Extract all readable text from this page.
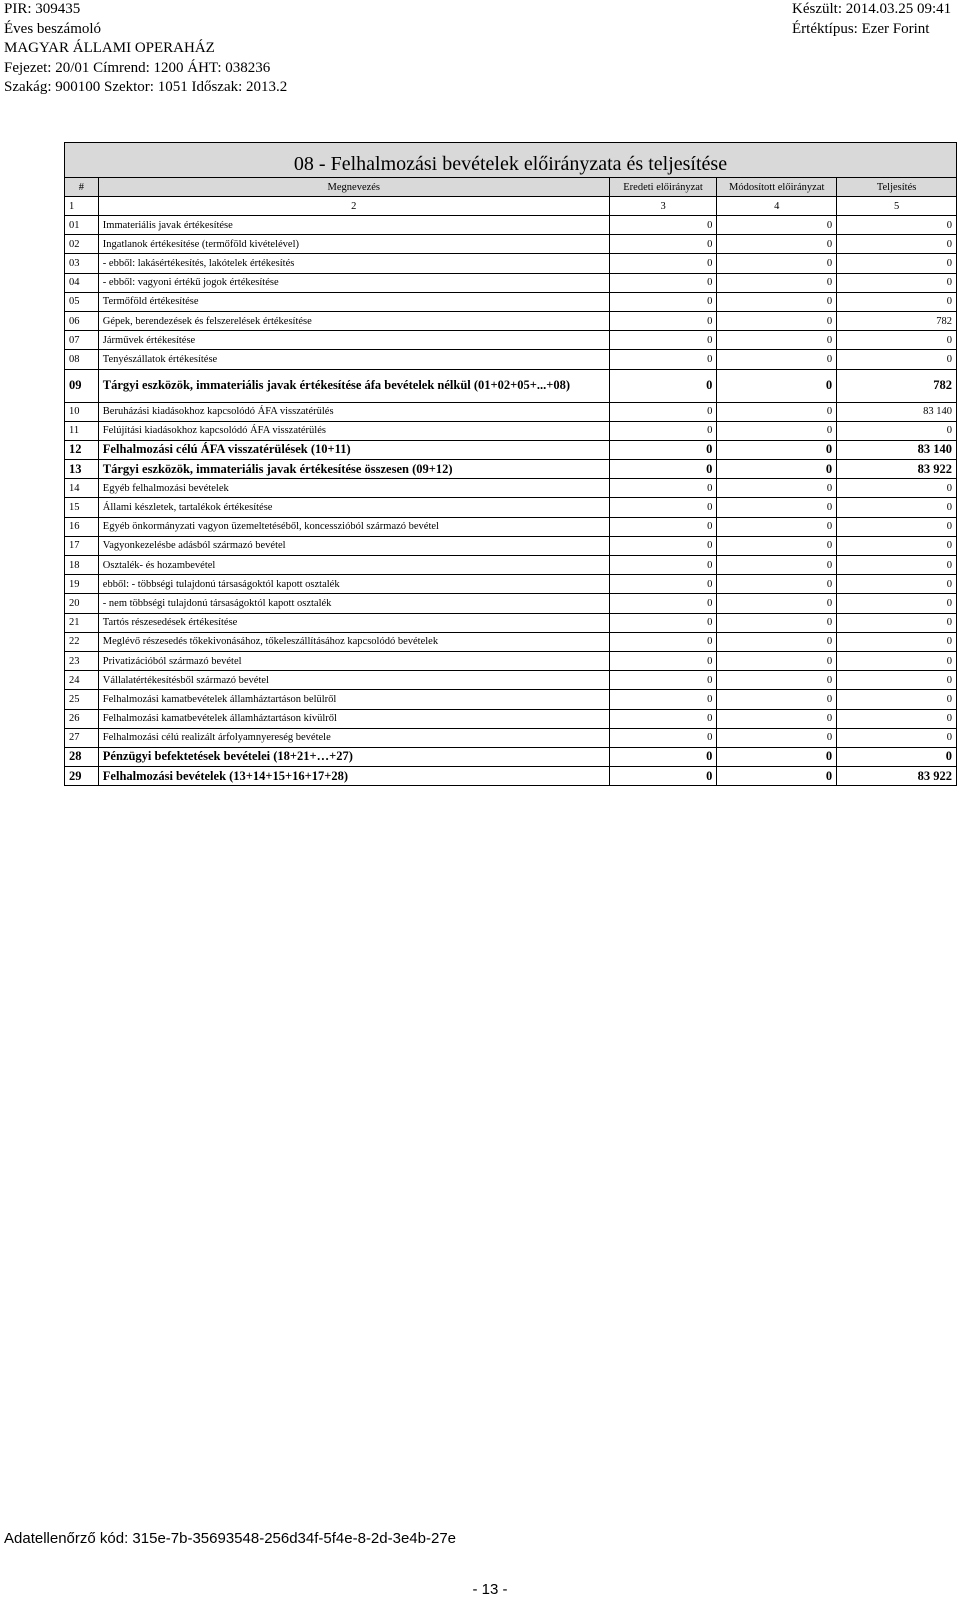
PIR: 309435
Éves beszámoló
MAGYAR ÁLLAMI OPERAHÁZ
Fejezet: 20/01 Címrend: 1200 ÁHT: 038236
Szakág: 900100 Szektor: 1051 Időszak: 2013.2
Készült: 2014.03.25 09:41
Értéktípus: Ezer Forint
08 - Felhalmozási bevételek előirányzata és teljesítése				
#	Megnevezés	Eredeti előirányzat	Módosított előirányzat	Teljesítés
1	2	3	4	5
01	Immateriális javak értékesítése	0	0	0
02	Ingatlanok értékesítése (termőföld kivételével)	0	0	0
03	- ebből: lakásértékesítés, lakótelek értékesítés	0	0	0
04	- ebből: vagyoni értékű jogok értékesítése	0	0	0
05	Termőföld értékesítése	0	0	0
06	Gépek, berendezések és felszerelések értékesítése	0	0	782
07	Járművek értékesítése	0	0	0
08	Tenyészállatok értékesítése	0	0	0
09	Tárgyi eszközök, immateriális javak értékesítése áfa bevételek nélkül (01+02+05+...+08)	0	0	782
10	Beruházási kiadásokhoz kapcsolódó ÁFA visszatérülés	0	0	83 140
11	Felújítási kiadásokhoz kapcsolódó ÁFA visszatérülés	0	0	0
12	Felhalmozási célú ÁFA visszatérülések (10+11)	0	0	83 140
13	Tárgyi eszközök, immateriális javak értékesítése összesen (09+12)	0	0	83 922
14	Egyéb felhalmozási bevételek	0	0	0
15	Állami készletek, tartalékok értékesítése	0	0	0
16	Egyéb önkormányzati vagyon üzemeltetéséből, koncesszióból származó bevétel	0	0	0
17	Vagyonkezelésbe adásból származó bevétel	0	0	0
18	Osztalék- és hozambevétel	0	0	0
19	ebből: - többségi tulajdonú társaságoktól kapott osztalék	0	0	0
20	- nem többségi tulajdonú társaságoktól kapott osztalék	0	0	0
21	Tartós részesedések értékesítése	0	0	0
22	Meglévő részesedés tőkekivonásához, tőkeleszállításához kapcsolódó bevételek	0	0	0
23	Privatizációból származó bevétel	0	0	0
24	Vállalatértékesítésből származó bevétel	0	0	0
25	Felhalmozási kamatbevételek államháztartáson belülről	0	0	0
26	Felhalmozási kamatbevételek államháztartáson kívülről	0	0	0
27	Felhalmozási célú realizált árfolyamnyereség bevétele	0	0	0
28	Pénzügyi befektetések bevételei (18+21+…+27)	0	0	0
29	Felhalmozási bevételek (13+14+15+16+17+28)	0	0	83 922
Adatellenőrző kód: 315e-7b-35693548-256d34f-5f4e-8-2d-3e4b-27e
- 13 -
